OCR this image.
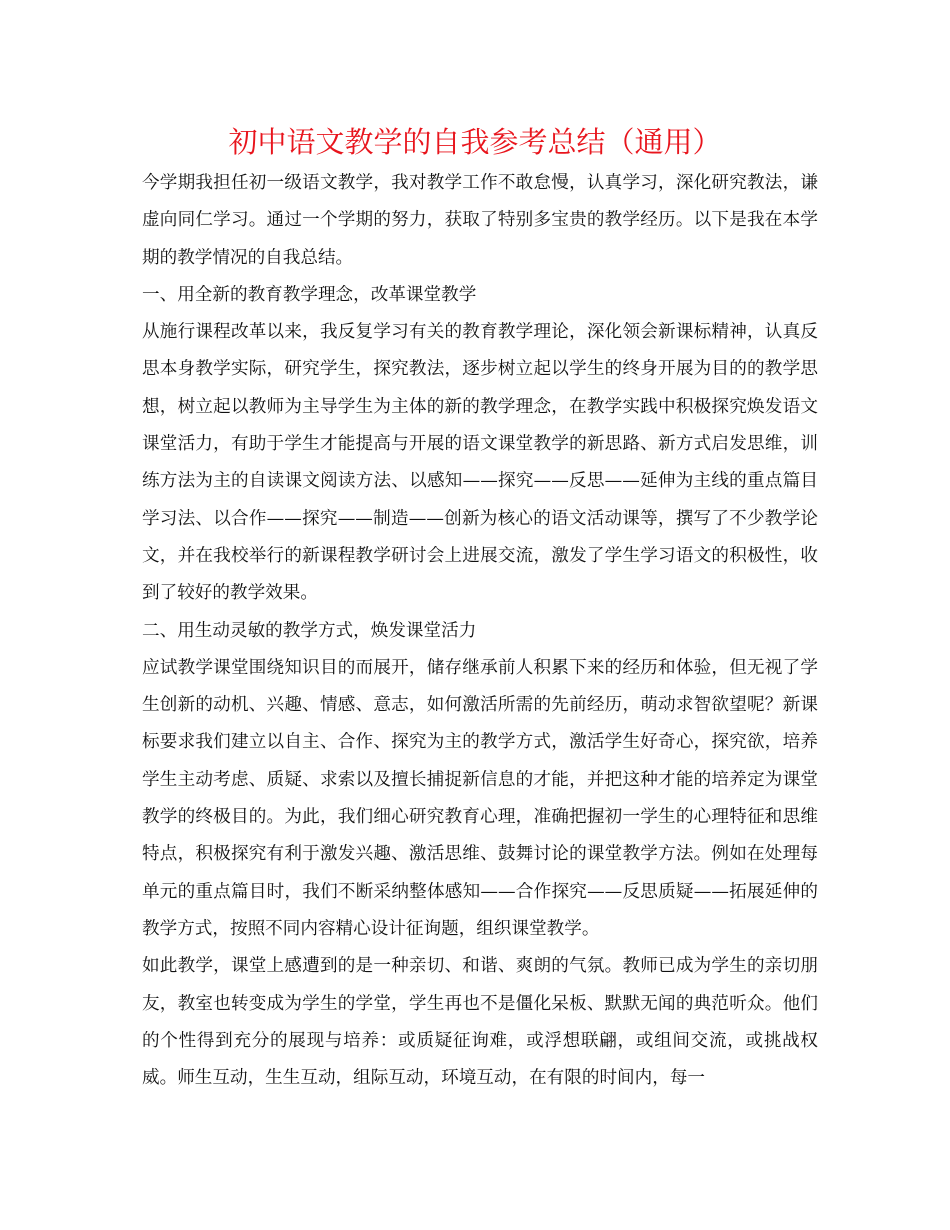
初中语文教学的自我参考总结（通用）

今学期我担任初一级语文教学，我对教学工作不敢怠慢，认真学习，深化研究教法，谦虚向同仁学习。通过一个学期的努力，获取了特别多宝贵的教学经历。以下是我在本学期的教学情况的自我总结。

一、用全新的教育教学理念，改革课堂教学

从施行课程改革以来，我反复学习有关的教育教学理论，深化领会新课标精神，认真反思本身教学实际，研究学生，探究教法，逐步树立起以学生的终身开展为目的的教学思想，树立起以教师为主导学生为主体的新的教学理念，在教学实践中积极探究焕发语文课堂活力，有助于学生才能提高与开展的语文课堂教学的新思路、新方式启发思维，训练方法为主的自读课文阅读方法、以感知——探究——反思——延伸为主线的重点篇目学习法、以合作——探究——制造——创新为核心的语文活动课等，撰写了不少教学论文，并在我校举行的新课程教学研讨会上进展交流，激发了学生学习语文的积极性，收到了较好的教学效果。

二、用生动灵敏的教学方式，焕发课堂活力

应试教学课堂围绕知识目的而展开，储存继承前人积累下来的经历和体验，但无视了学生创新的动机、兴趣、情感、意志，如何激活所需的先前经历，萌动求智欲望呢？新课标要求我们建立以自主、合作、探究为主的教学方式，激活学生好奇心，探究欲，培养学生主动考虑、质疑、求索以及擅长捕捉新信息的才能，并把这种才能的培养定为课堂教学的终极目的。为此，我们细心研究教育心理，准确把握初一学生的心理特征和思维特点，积极探究有利于激发兴趣、激活思维、鼓舞讨论的课堂教学方法。例如在处理每单元的重点篇目时，我们不断采纳整体感知——合作探究——反思质疑——拓展延伸的教学方式，按照不同内容精心设计征询题，组织课堂教学。

如此教学，课堂上感遭到的是一种亲切、和谐、爽朗的气氛。教师已成为学生的亲切朋友，教室也转变成为学生的学堂，学生再也不是僵化呆板、默默无闻的典范听众。他们的个性得到充分的展现与培养：或质疑征询难，或浮想联翩，或组间交流，或挑战权威。师生互动，生生互动，组际互动，环境互动，在有限的时间内，每一
